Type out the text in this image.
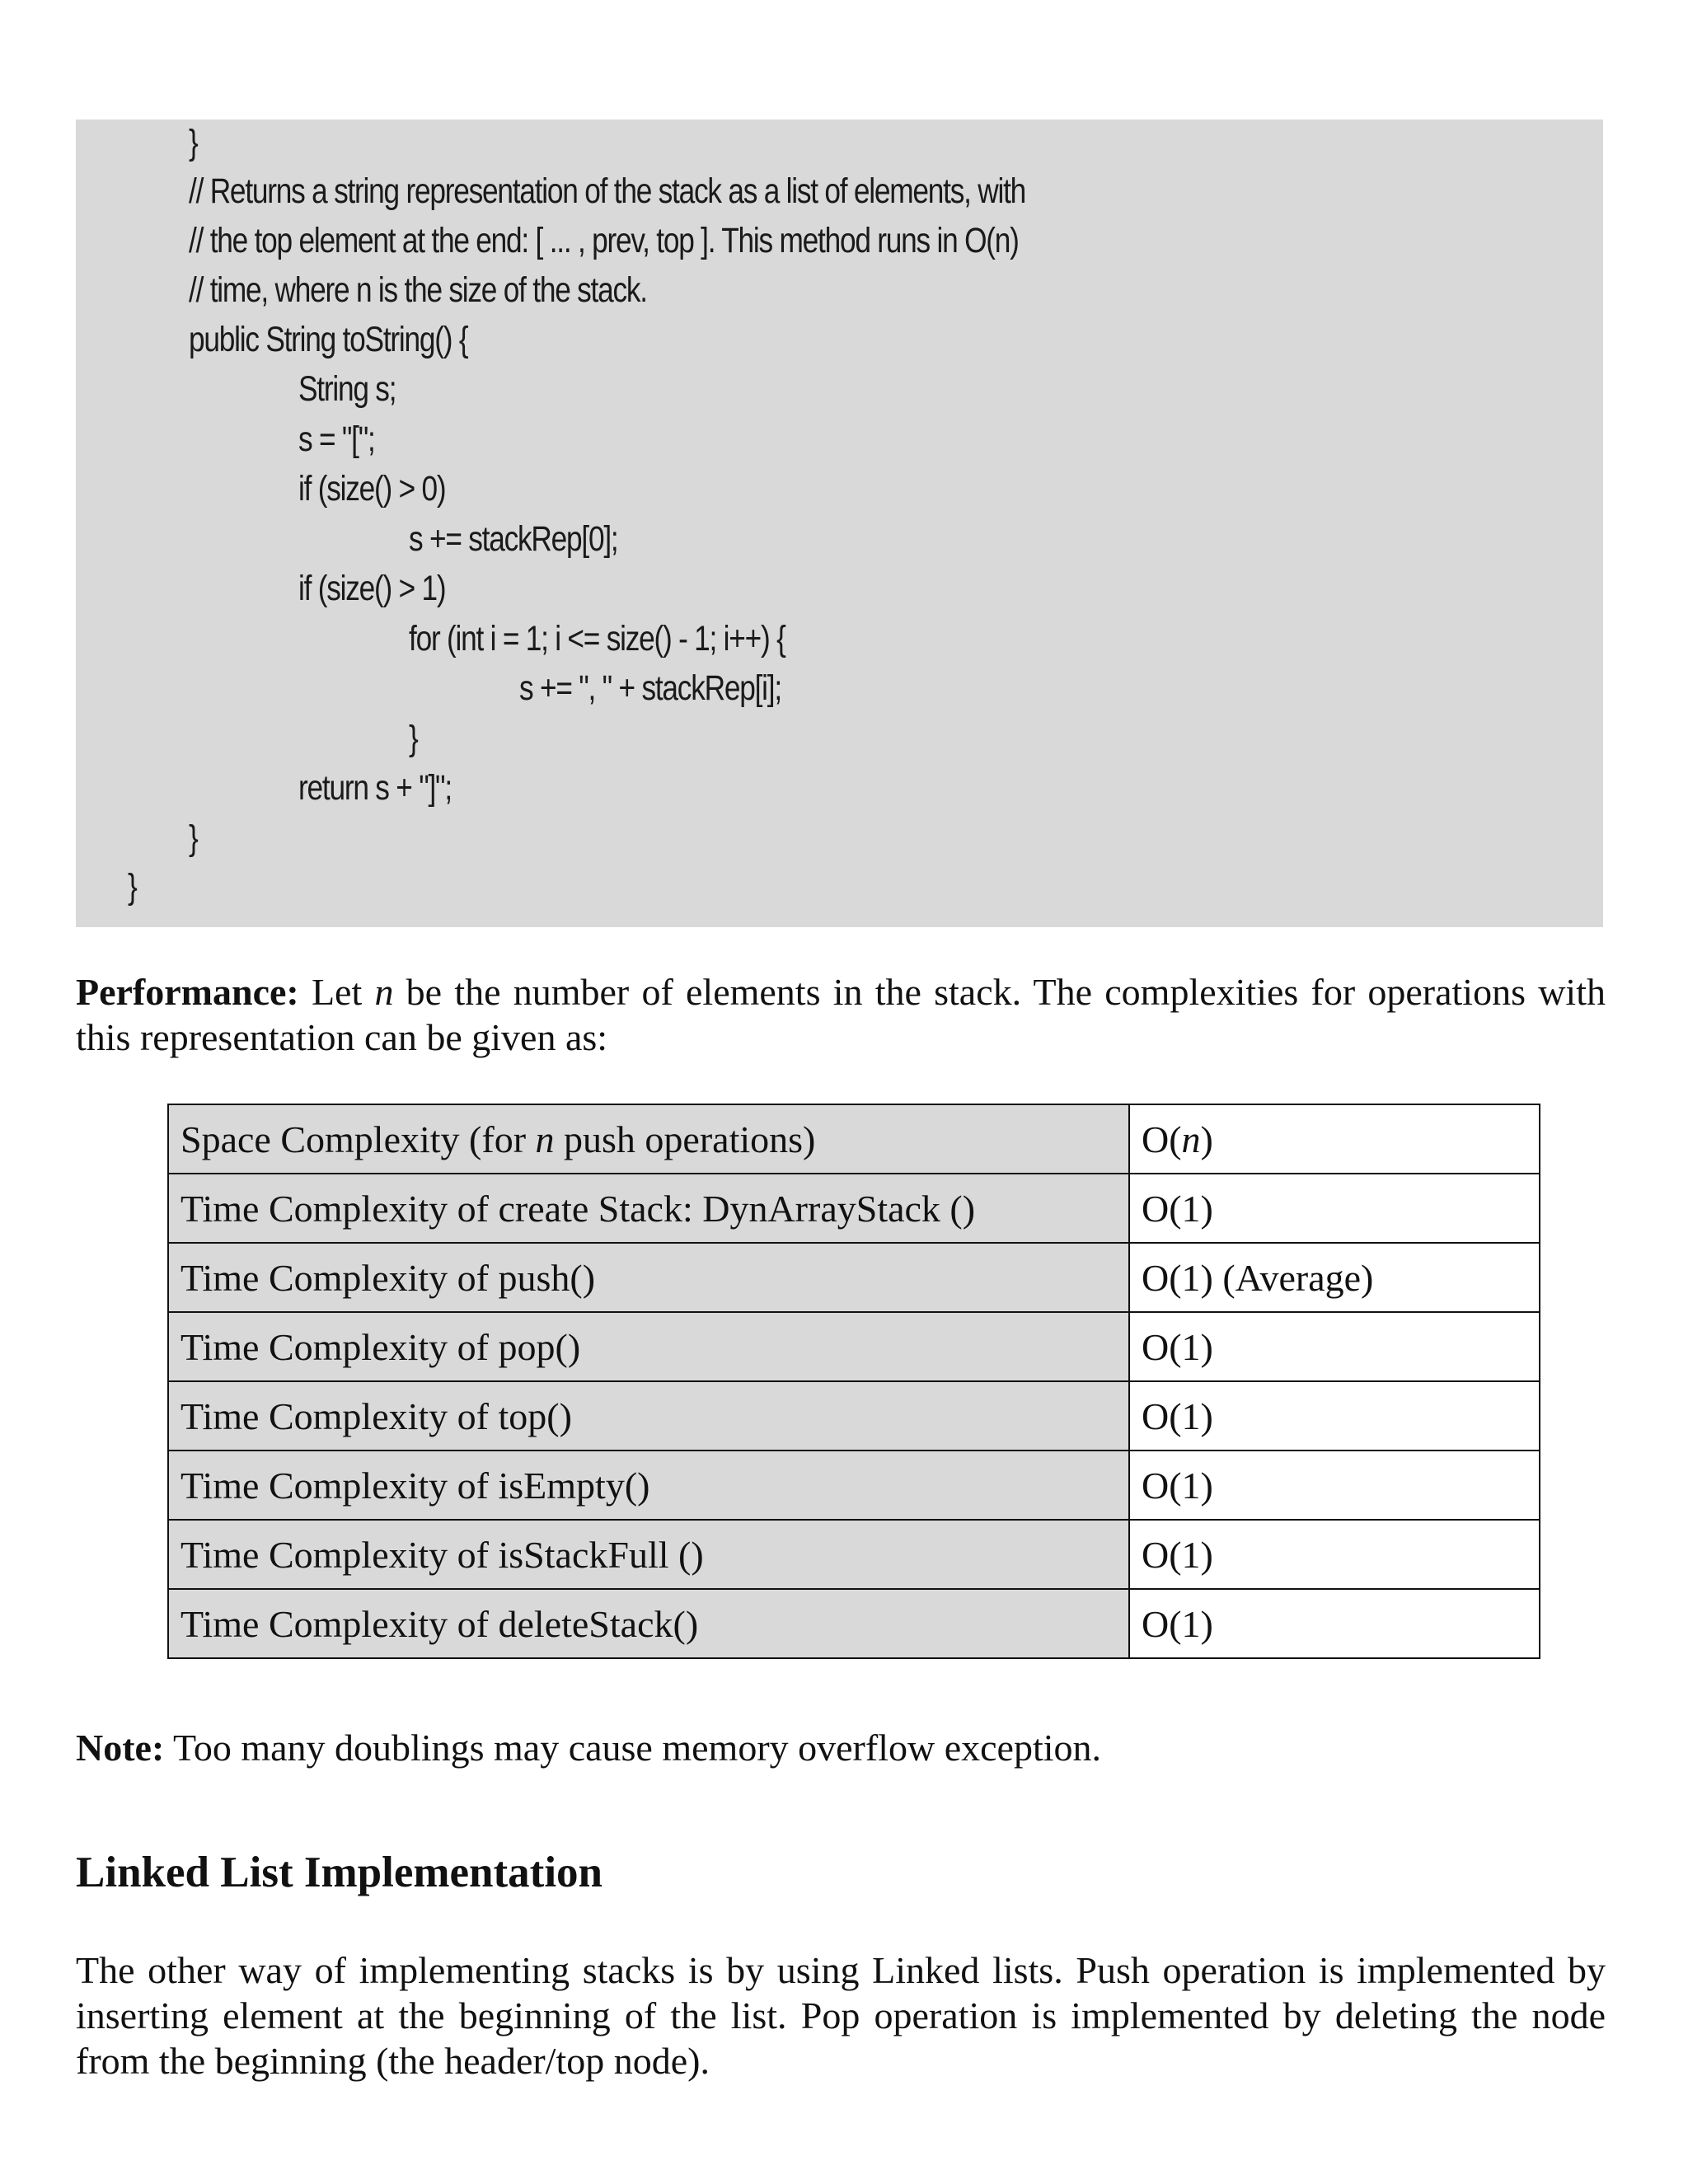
}
// Returns a string representation of the stack as a list of elements, with
// the top element at the end: [ ... , prev, top ]. This method runs in O(n)
// time, where n is the size of the stack.
public String toString() {
String s;
s = "[";
if (size() > 0)
s += stackRep[0];
if (size() > 1)
for (int i = 1; i <= size() - 1; i++) {
s += ", " + stackRep[i];
}
return s + "]";
}
}

Performance: Let n be the number of elements in the stack. The complexities for operations with this representation can be given as:

Space Complexity (for n push operations)	O(n)
Time Complexity of create Stack: DynArrayStack ()	O(1)
Time Complexity of push()	O(1) (Average)
Time Complexity of pop()	O(1)
Time Complexity of top()	O(1)
Time Complexity of isEmpty()	O(1)
Time Complexity of isStackFull ()	O(1)
Time Complexity of deleteStack()	O(1)

Note: Too many doublings may cause memory overflow exception.

Linked List Implementation

The other way of implementing stacks is by using Linked lists. Push operation is implemented by inserting element at the beginning of the list. Pop operation is implemented by deleting the node from the beginning (the header/top node).
